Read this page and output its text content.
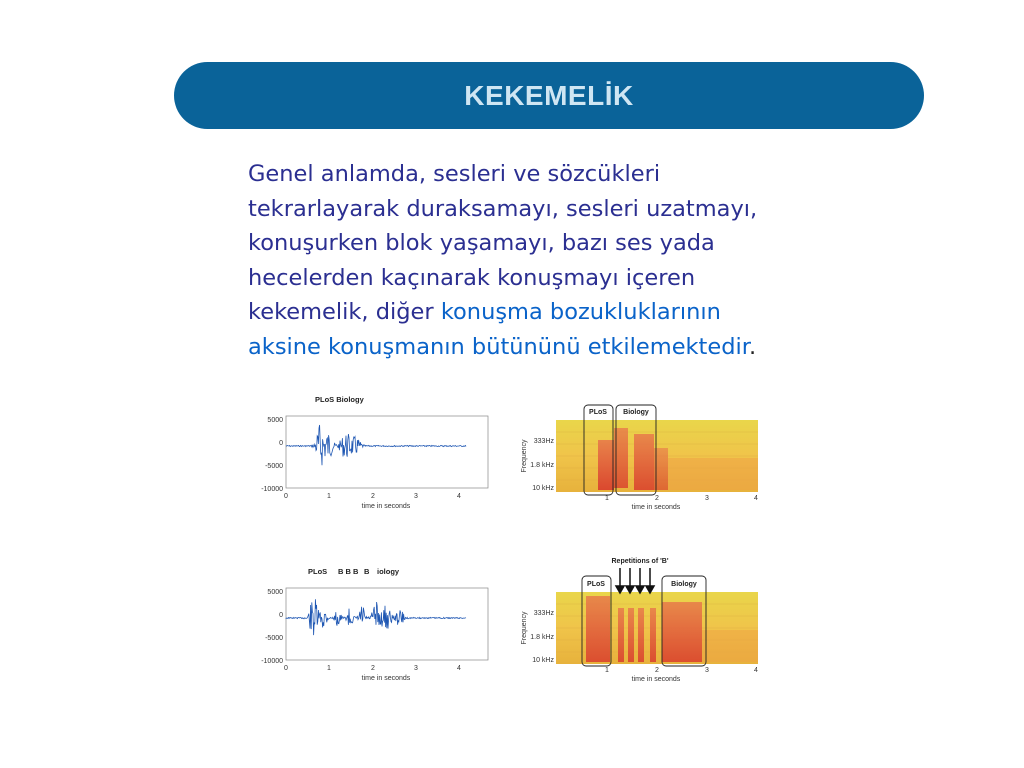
KEKEMELİK
Genel anlamda, sesleri ve sözcükleri
tekrarlayarak duraksamayı, sesleri uzatmayı,
konuşurken blok yaşamayı, bazı ses yada
hecelerden kaçınarak konuşmayı içeren
kekemelik, diğer konuşma bozukluklarının
aksine konuşmanın bütününü etkilemektedir.
PLoS Biology
5000
0
-5000
-10000
0	1	2	3	4
time in seconds
PLoS Biology
Frequency 333Hz
1.8 kHz
10 kHz
1	2	3	4
time in seconds
PLoS B B B B iology
5000
0
-5000
-10000
0	1	2	3	4
time in seconds
Repetitions of 'B'
PLoS	Biology
Frequency 333Hz
1.8 kHz
10 kHz
1	2	3	4
time in seconds
